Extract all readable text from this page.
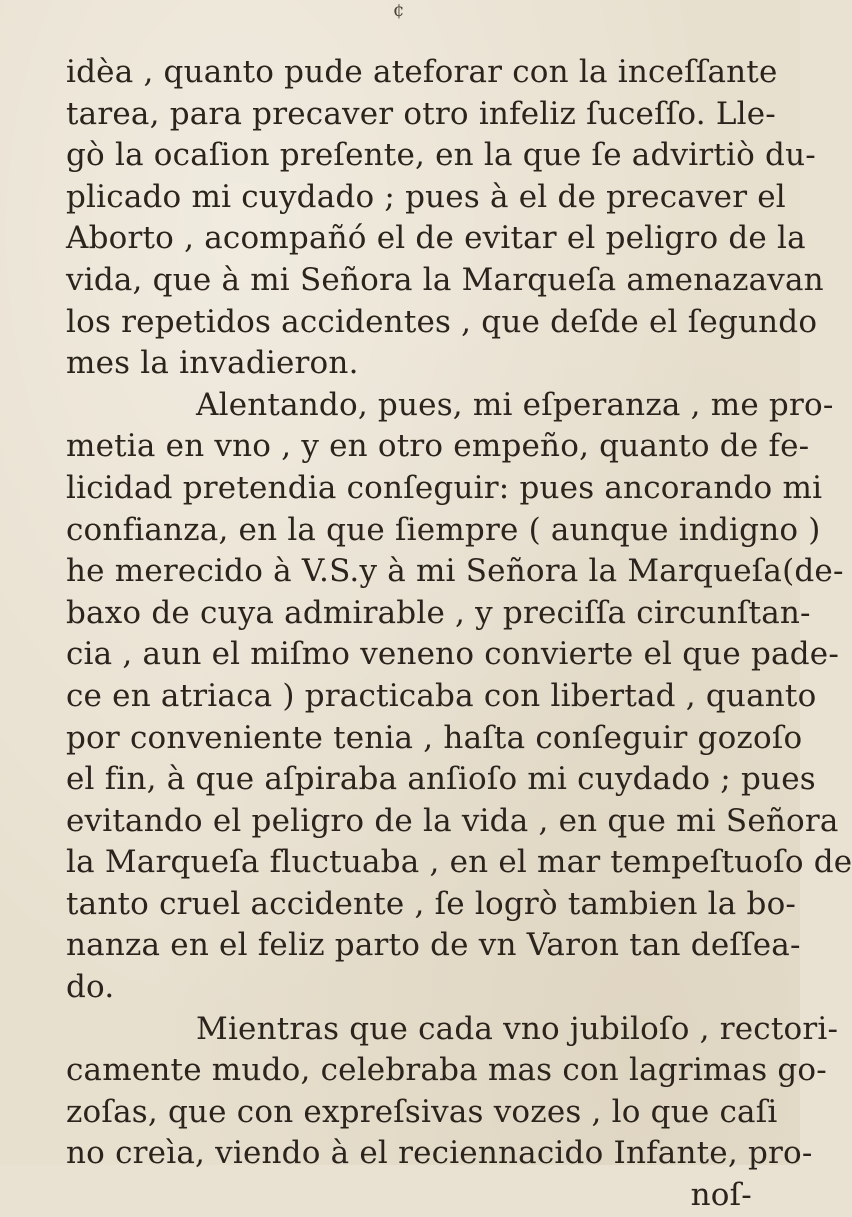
¢
idèa , quanto pude ateforar con la inceſſante
tarea, para precaver otro infeliz ſuceſſo. Lle-
gò la ocaſion preſente, en la que ſe advirtiò du-
plicado mi cuydado ; pues à el de precaver el
Aborto , acompañó el de evitar el peligro de la
vida, que à mi Señora la Marqueſa amenazavan
los repetidos accidentes , que deſde el ſegundo
mes la invadieron.
Alentando, pues, mi eſperanza , me pro-
metia en vno , y en otro empeño, quanto de fe-
licidad pretendia conſeguir: pues ancorando mi
confianza, en la que ſiempre ( aunque indigno )
he merecido à V.S.y à mi Señora la Marqueſa(de-
baxo de cuya admirable , y preciſſa circunſtan-
cia , aun el miſmo veneno convierte el que pade-
ce en atriaca ) practicaba con libertad , quanto
por conveniente tenia , haſta conſeguir gozoſo
el fin, à que aſpiraba anſioſo mi cuydado ; pues
evitando el peligro de la vida , en que mi Señora
la Marqueſa fluctuaba , en el mar tempeſtuoſo de
tanto cruel accidente , ſe logrò tambien la bo-
nanza en el feliz parto de vn Varon tan deſſea-
do.
Mientras que cada vno jubiloſo , rectori-
camente mudo, celebraba mas con lagrimas go-
zoſas, que con expreſsivas vozes , lo que caſi
no creìa, viendo à el reciennacido Infante, pro-
noſ-
